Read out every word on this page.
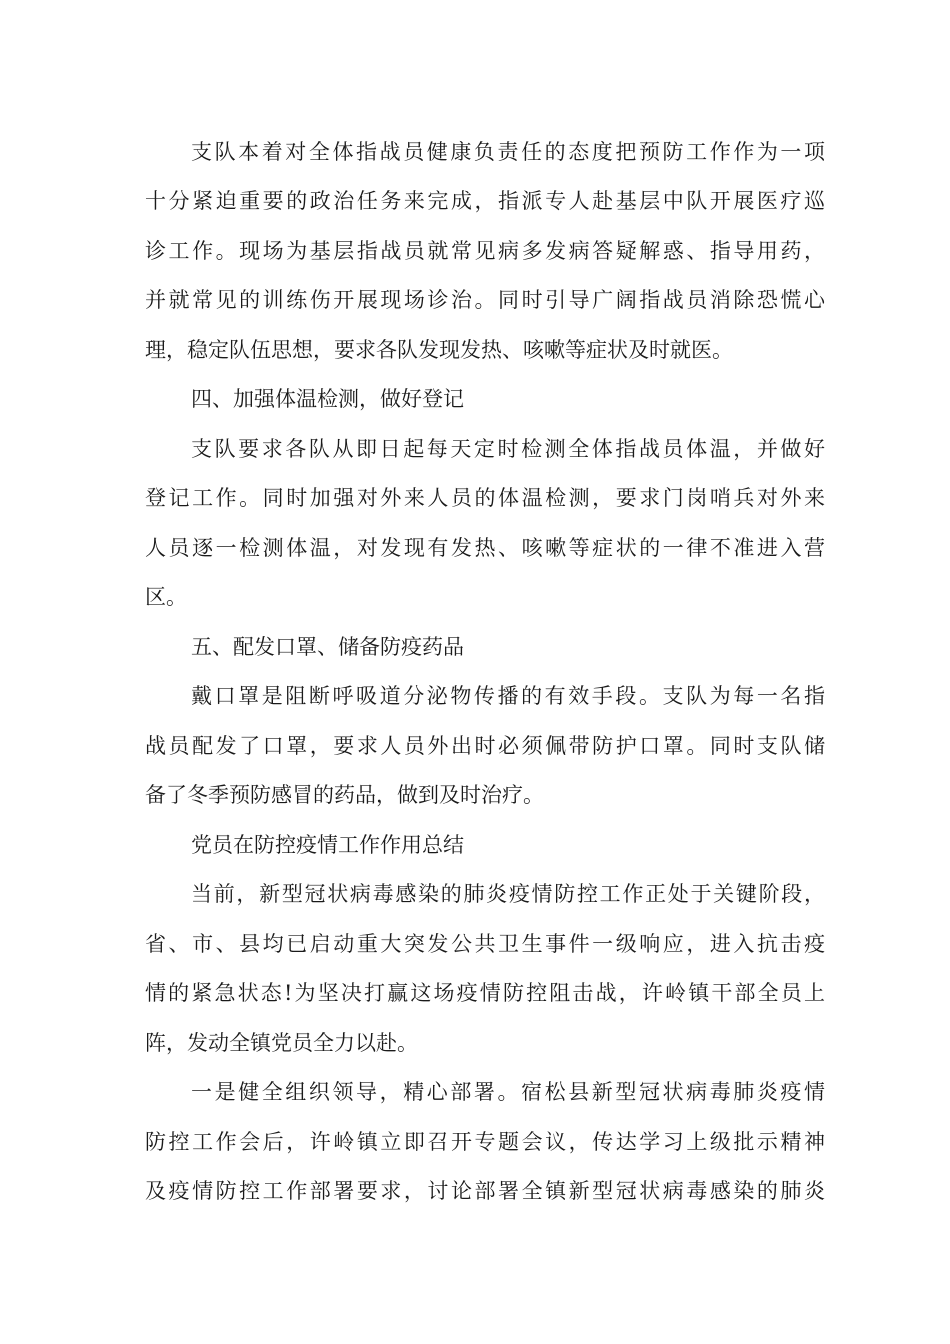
支队本着对全体指战员健康负责任的态度把预防工作作为一项
十分紧迫重要的政治任务来完成，指派专人赴基层中队开展医疗巡
诊工作。现场为基层指战员就常见病多发病答疑解惑、指导用药，
并就常见的训练伤开展现场诊治。同时引导广阔指战员消除恐慌心
理，稳定队伍思想，要求各队发现发热、咳嗽等症状及时就医。
四、加强体温检测，做好登记
支队要求各队从即日起每天定时检测全体指战员体温，并做好
登记工作。同时加强对外来人员的体温检测，要求门岗哨兵对外来
人员逐一检测体温，对发现有发热、咳嗽等症状的一律不准进入营
区。
五、配发口罩、储备防疫药品
戴口罩是阻断呼吸道分泌物传播的有效手段。支队为每一名指
战员配发了口罩，要求人员外出时必须佩带防护口罩。同时支队储
备了冬季预防感冒的药品，做到及时治疗。
党员在防控疫情工作作用总结
当前，新型冠状病毒感染的肺炎疫情防控工作正处于关键阶段，
省、市、县均已启动重大突发公共卫生事件一级响应，进入抗击疫
情的紧急状态!为坚决打赢这场疫情防控阻击战，许岭镇干部全员上
阵，发动全镇党员全力以赴。
一是健全组织领导，精心部署。宿松县新型冠状病毒肺炎疫情
防控工作会后，许岭镇立即召开专题会议，传达学习上级批示精神
及疫情防控工作部署要求，讨论部署全镇新型冠状病毒感染的肺炎
